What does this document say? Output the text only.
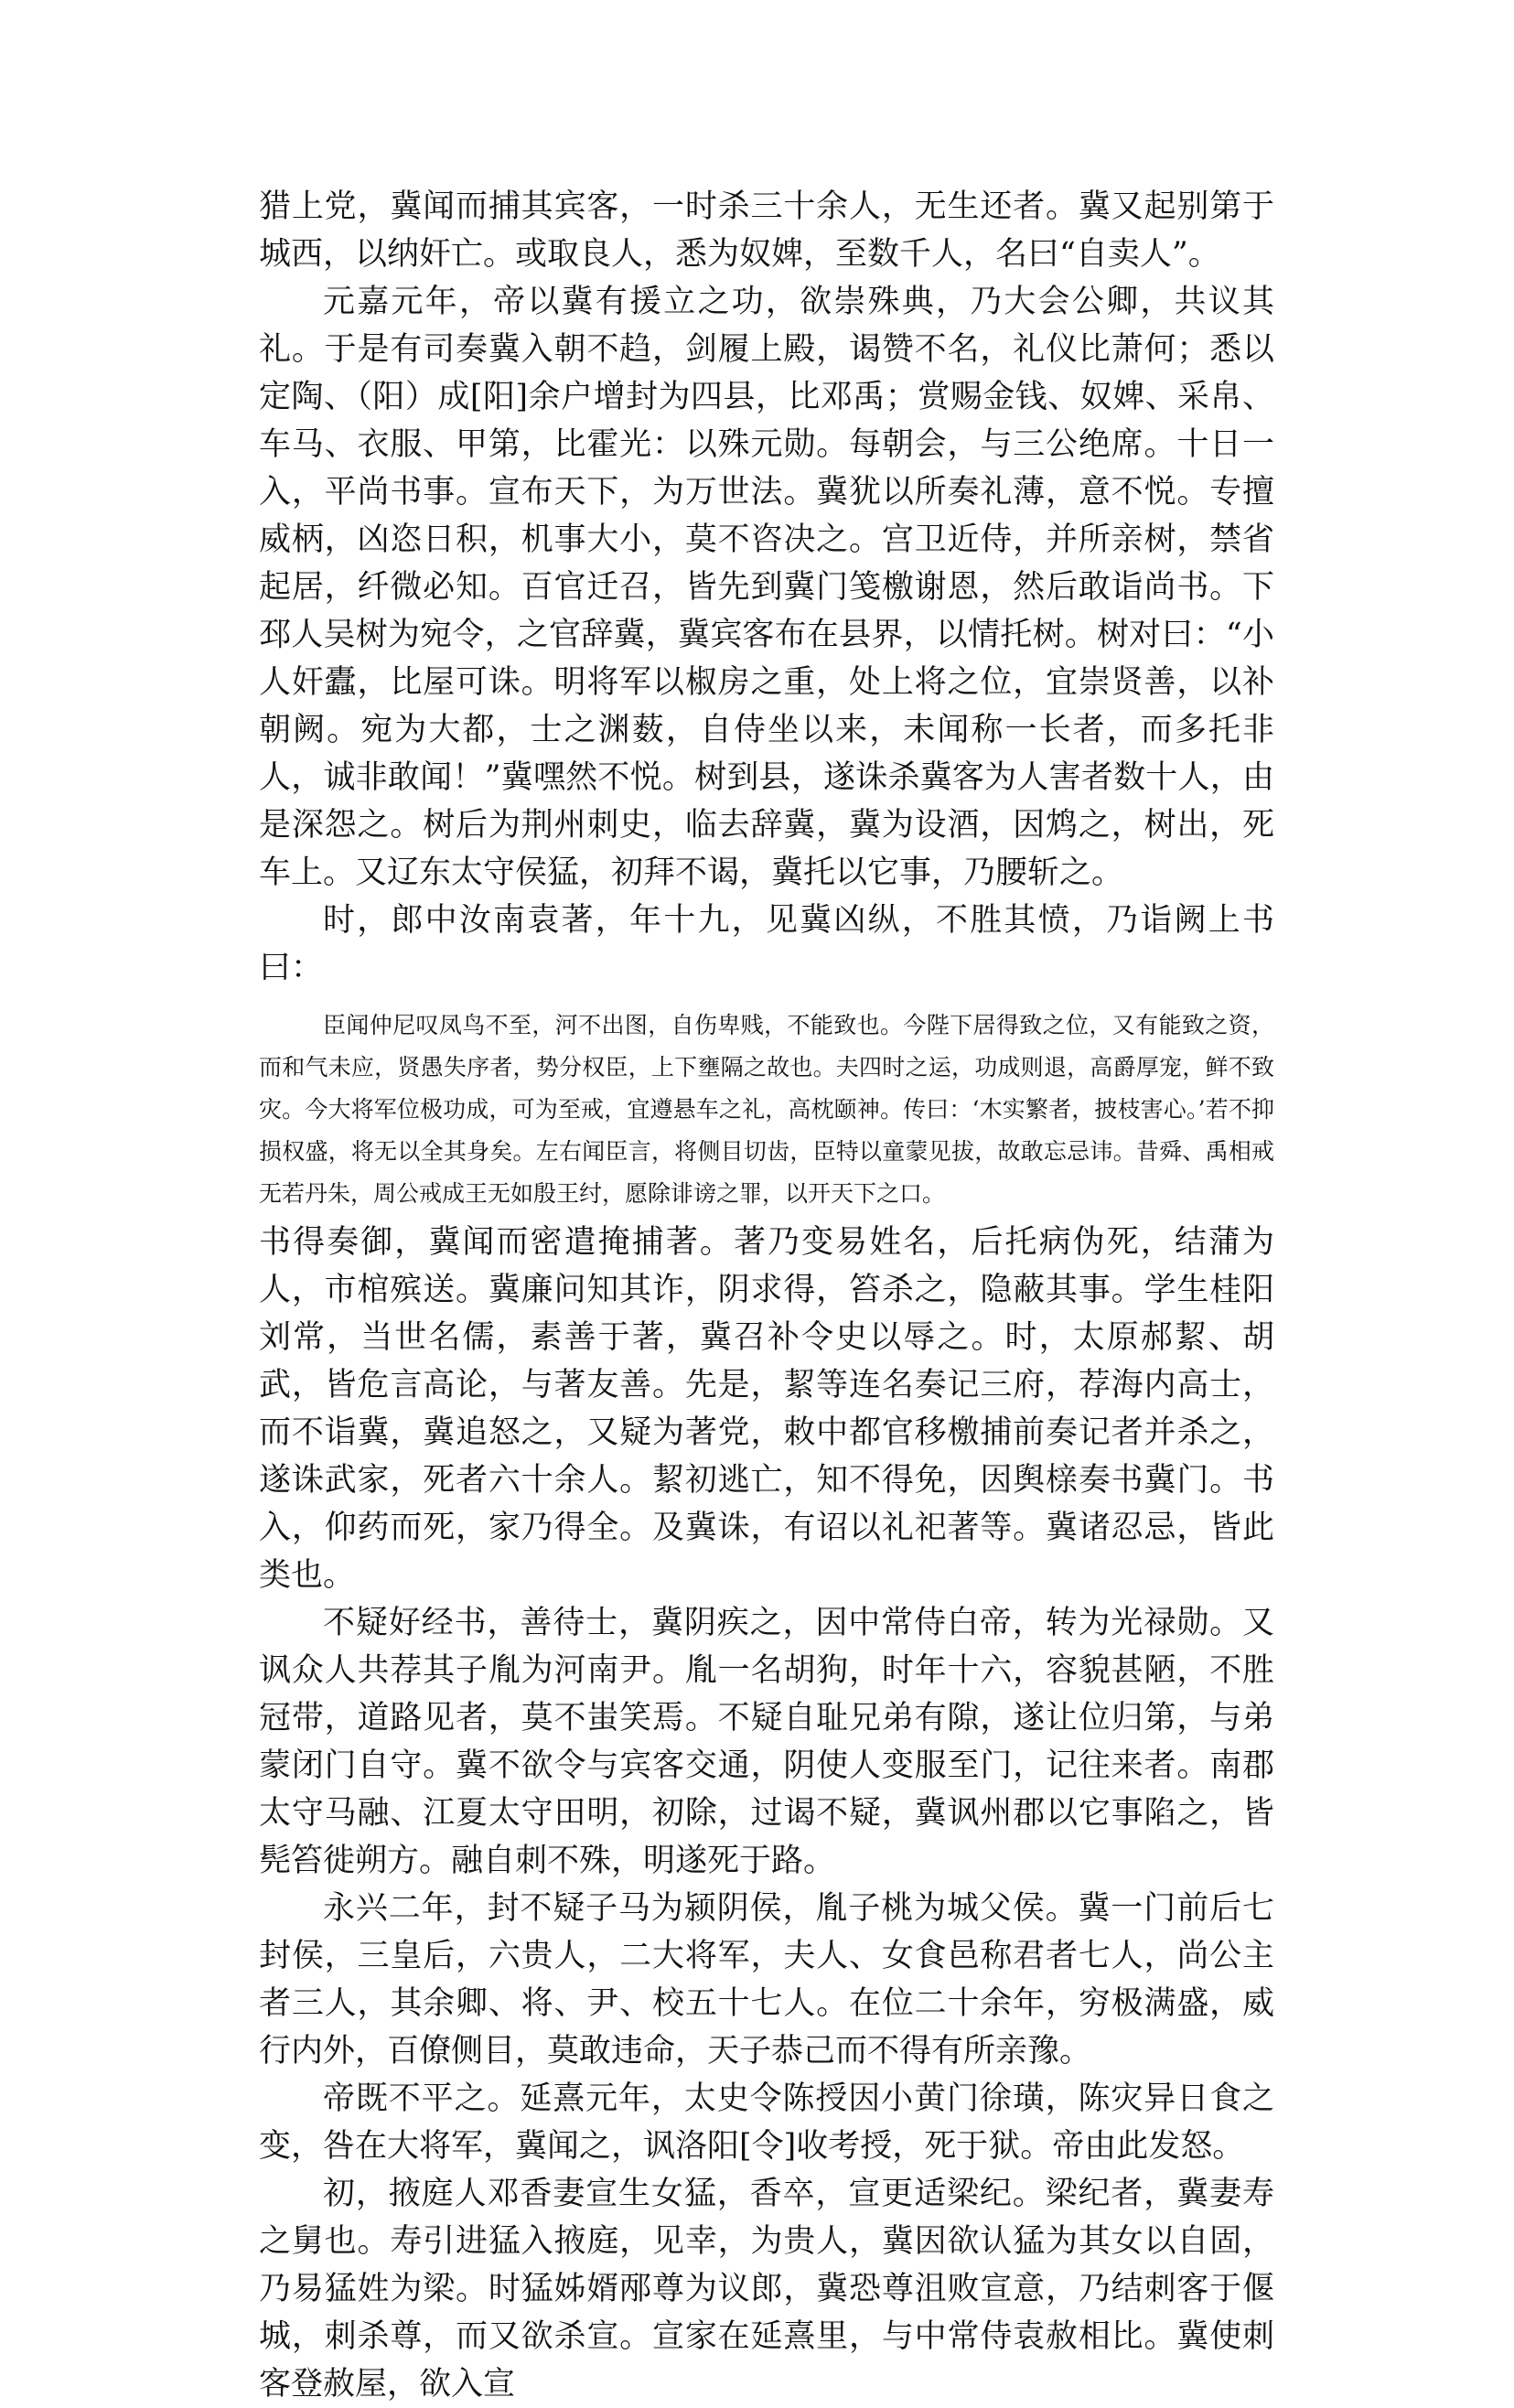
猎上党，冀闻而捕其宾客，一时杀三十余人，无生还者。冀又起别第于城西，以纳奸亡。或取良人，悉为奴婢，至数千人，名曰“自卖人”。

元嘉元年，帝以冀有援立之功，欲崇殊典，乃大会公卿，共议其礼。于是有司奏冀入朝不趋，剑履上殿，谒赞不名，礼仪比萧何；悉以定陶、（阳）成[阳]余户增封为四县，比邓禹；赏赐金钱、奴婢、采帛、车马、衣服、甲第，比霍光：以殊元勋。每朝会，与三公绝席。十日一入，平尚书事。宣布天下，为万世法。冀犹以所奏礼薄，意不悦。专擅威柄，凶恣日积，机事大小，莫不咨决之。宫卫近侍，并所亲树，禁省起居，纤微必知。百官迁召，皆先到冀门笺檄谢恩，然后敢诣尚书。下邳人吴树为宛令，之官辞冀，冀宾客布在县界，以情托树。树对曰：“小人奸蠹，比屋可诛。明将军以椒房之重，处上将之位，宜崇贤善，以补朝阙。宛为大都，士之渊薮，自侍坐以来，未闻称一长者，而多托非人，诚非敢闻！”冀嘿然不悦。树到县，遂诛杀冀客为人害者数十人，由是深怨之。树后为荆州刺史，临去辞冀，冀为设酒，因鸩之，树出，死车上。又辽东太守侯猛，初拜不谒，冀托以它事，乃腰斩之。

时，郎中汝南袁著，年十九，见冀凶纵，不胜其愤，乃诣阙上书曰：

臣闻仲尼叹凤鸟不至，河不出图，自伤卑贱，不能致也。今陛下居得致之位，又有能致之资，而和气未应，贤愚失序者，势分权臣，上下壅隔之故也。夫四时之运，功成则退，高爵厚宠，鲜不致灾。今大将军位极功成，可为至戒，宜遵悬车之礼，高枕颐神。传曰：‘木实繁者，披枝害心。’若不抑损权盛，将无以全其身矣。左右闻臣言，将侧目切齿，臣特以童蒙见拔，故敢忘忌讳。昔舜、禹相戒无若丹朱，周公戒成王无如殷王纣，愿除诽谤之罪，以开天下之口。

书得奏御，冀闻而密遣掩捕著。著乃变易姓名，后托病伪死，结蒲为人，市棺殡送。冀廉问知其诈，阴求得，笞杀之，隐蔽其事。学生桂阳刘常，当世名儒，素善于著，冀召补令史以辱之。时，太原郝絜、胡武，皆危言高论，与著友善。先是，絜等连名奏记三府，荐海内高士，而不诣冀，冀追怒之，又疑为著党，敕中都官移檄捕前奏记者并杀之，遂诛武家，死者六十余人。絜初逃亡，知不得免，因舆榇奏书冀门。书入，仰药而死，家乃得全。及冀诛，有诏以礼祀著等。冀诸忍忌，皆此类也。

不疑好经书，善待士，冀阴疾之，因中常侍白帝，转为光禄勋。又讽众人共荐其子胤为河南尹。胤一名胡狗，时年十六，容貌甚陋，不胜冠带，道路见者，莫不蚩笑焉。不疑自耻兄弟有隙，遂让位归第，与弟蒙闭门自守。冀不欲令与宾客交通，阴使人变服至门，记往来者。南郡太守马融、江夏太守田明，初除，过谒不疑，冀讽州郡以它事陷之，皆髡笞徙朔方。融自刺不殊，明遂死于路。

永兴二年，封不疑子马为颍阴侯，胤子桃为城父侯。冀一门前后七封侯，三皇后，六贵人，二大将军，夫人、女食邑称君者七人，尚公主者三人，其余卿、将、尹、校五十七人。在位二十余年，穷极满盛，威行内外，百僚侧目，莫敢违命，天子恭己而不得有所亲豫。

帝既不平之。延熹元年，太史令陈授因小黄门徐璜，陈灾异日食之变，咎在大将军，冀闻之，讽洛阳[令]收考授，死于狱。帝由此发怒。

初，掖庭人邓香妻宣生女猛，香卒，宣更适梁纪。梁纪者，冀妻寿之舅也。寿引进猛入掖庭，见幸，为贵人，冀因欲认猛为其女以自固，乃易猛姓为梁。时猛姊婿邴尊为议郎，冀恐尊沮败宣意，乃结刺客于偃城，刺杀尊，而又欲杀宣。宣家在延熹里，与中常侍袁赦相比。冀使刺客登赦屋，欲入宣
